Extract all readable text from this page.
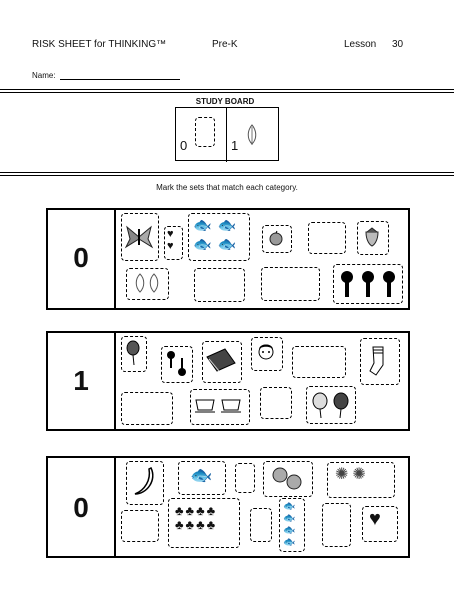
RISK SHEET for THINKING™	Pre-K	Lesson 30
Name:
STUDY BOARD
0	1
Mark the sets that match each category.
0
♥
♥
🐟🐟
🐟🐟
1
0
🐟	✺✺
♣♣♣♣
♣♣♣♣
🐟
🐟
🐟
🐟
♥
